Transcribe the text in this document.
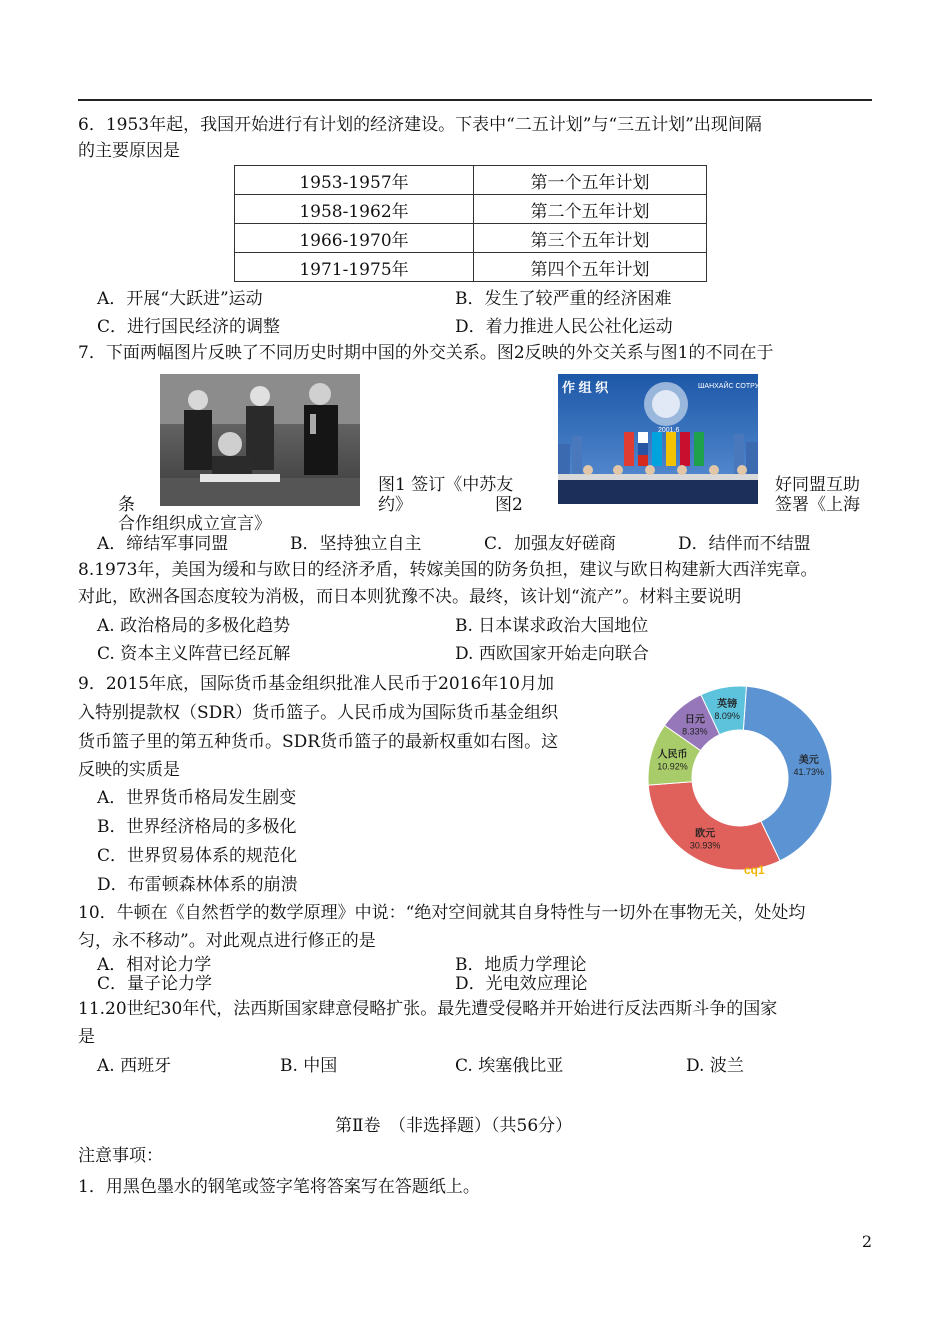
6．1953年起，我国开始进行有计划的经济建设。下表中“二五计划”与“三五计划”出现间隔
的主要原因是
1953-1957年	第一个五年计划
1958-1962年	第二个五年计划
1966-1970年	第三个五年计划
1971-1975年	第四个五年计划
A．开展“大跃进”运动	B．发生了较严重的经济困难
C．进行国民经济的调整	D．着力推进人民公社化运动
7．下面两幅图片反映了不同历史时期中国的外交关系。图2反映的外交关系与图1的不同在于
作 组 织	ШАНХАЙС СОТРУДНИ
2001.6
图1 签订《中苏友	好同盟互助
条	约》	图2	签署《上海
合作组织成立宣言》
A．缔结军事同盟	B．坚持独立自主	C．加强友好磋商	D．结伴而不结盟
8.1973年，美国为缓和与欧日的经济矛盾，转嫁美国的防务负担，建议与欧日构建新大西洋宪章。
对此，欧洲各国态度较为消极，而日本则犹豫不决。最终，该计划“流产”。材料主要说明
A. 政治格局的多极化趋势	B. 日本谋求政治大国地位
C. 资本主义阵营已经瓦解	D. 西欧国家开始走向联合
9．2015年底，国际货币基金组织批准人民币于2016年10月加
入特别提款权（SDR）货币篮子。人民币成为国际货币基金组织
货币篮子里的第五种货币。SDR货币篮子的最新权重如右图。这
反映的实质是
A．世界货币格局发生剧变
B．世界经济格局的多极化
C．世界贸易体系的规范化
D．布雷顿森林体系的崩溃
美元
41.73%
欧元
30.93%
人民币
10.92%
日元
8.33%
英镑
8.09%
cq1
10．牛顿在《自然哲学的数学原理》中说：“绝对空间就其自身特性与一切外在事物无关，处处均
匀，永不移动”。对此观点进行修正的是
A．相对论力学	B．地质力学理论
C．量子论力学	D．光电效应理论
11.20世纪30年代，法西斯国家肆意侵略扩张。最先遭受侵略并开始进行反法西斯斗争的国家
是
A. 西班牙	B. 中国	C. 埃塞俄比亚	D. 波兰
第Ⅱ卷　（非选择题）（共56分）
注意事项：
1．用黑色墨水的钢笔或签字笔将答案写在答题纸上。
2
